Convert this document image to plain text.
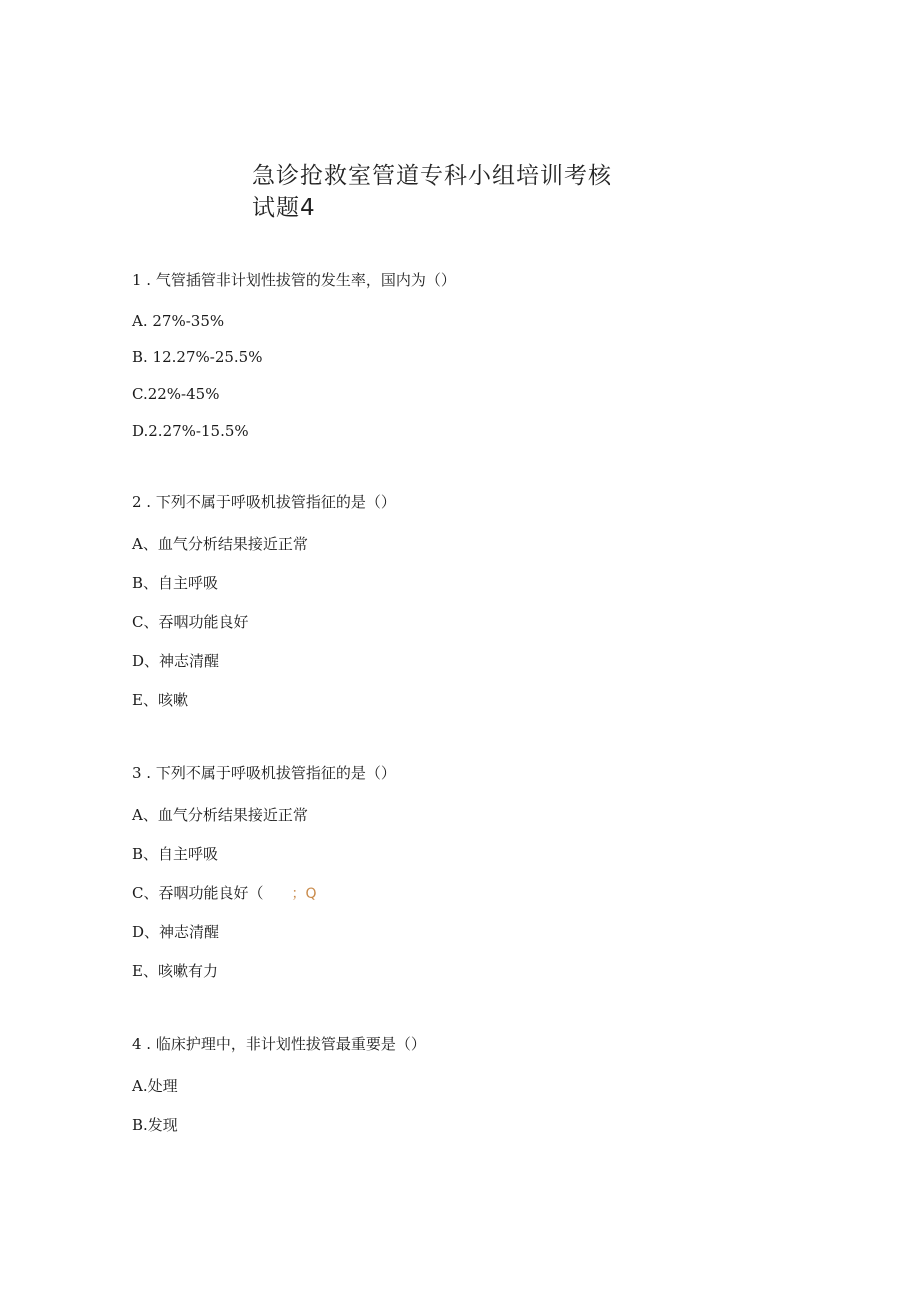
急诊抢救室管道专科小组培训考核
试题4
1 . 气管插管非计划性拔管的发生率，国内为（）
A. 27%-35%
B. 12.27%-25.5%
C.22%-45%
D.2.27%-15.5%
2 . 下列不属于呼吸机拔管指征的是（）
A、血气分析结果接近正常
B、自主呼吸
C、吞咽功能良好
D、神志清醒
E、咳嗽
3 . 下列不属于呼吸机拔管指征的是（）
A、血气分析结果接近正常
B、自主呼吸
C、吞咽功能良好（ ；Q
D、神志清醒
E、咳嗽有力
4 . 临床护理中，非计划性拔管最重要是（）
A.处理
B.发现
